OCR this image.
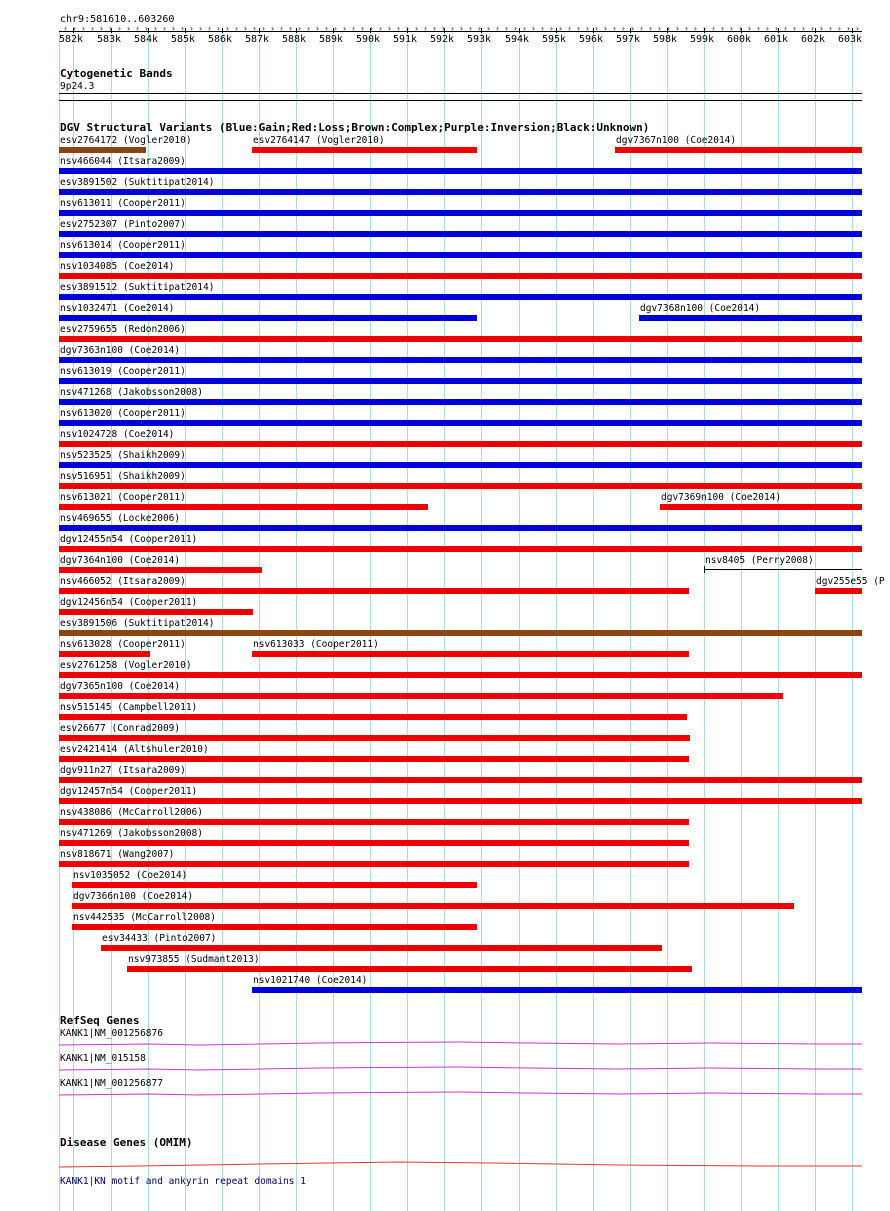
chr9:581610..603260
582k 583k 584k 585k 586k 587k 588k 589k 590k 591k 592k 593k 594k 595k 596k 597k 598k 599k 600k 601k 602k 603k
› › › › › › › › › › › › › › › › › › › › › › › › › › › › › › › › › › › › › › › › › › › › › › › › › › › › › › › › › › › › › › › › › › › › › › › › › › › › › › › › › › › › › › › › ›
Cytogenetic Bands
9p24.3
DGV Structural Variants (Blue:Gain;Red:Loss;Brown:Complex;Purple:Inversion;Black:Unknown)
esv2764172 (Vogler2010)	esv2764147 (Vogler2010)	dgv7367n100 (Coe2014)
nsv466044 (Itsara2009)
esv3891502 (Suktitipat2014)
nsv613011 (Cooper2011)
esv2752307 (Pinto2007)
nsv613014 (Cooper2011)
nsv1034085 (Coe2014)
esv3891512 (Suktitipat2014)
nsv1032471 (Coe2014)	dgv7368n100 (Coe2014)
esv2759655 (Redon2006)
dgv7363n100 (Coe2014)
nsv613019 (Cooper2011)
nsv471268 (Jakobsson2008)
nsv613020 (Cooper2011)
nsv1024728 (Coe2014)
nsv523525 (Shaikh2009)
nsv516951 (Shaikh2009)
nsv613021 (Cooper2011)	dgv7369n100 (Coe2014)
nsv469655 (Locke2006)
dgv12455n54 (Cooper2011)
dgv7364n100 (Coe2014)	nsv8405 (Perry2008)
nsv466052 (Itsara2009)	dgv255e55 (P
dgv12456n54 (Cooper2011)
esv3891506 (Suktitipat2014)
nsv613028 (Cooper2011)	nsv613033 (Cooper2011)
esv2761258 (Vogler2010)
dgv7365n100 (Coe2014)
nsv515145 (Campbell2011)
esv26677 (Conrad2009)
esv2421414 (Altshuler2010)
dgv911n27 (Itsara2009)
dgv12457n54 (Cooper2011)
nsv438086 (McCarroll2006)
nsv471269 (Jakobsson2008)
nsv818671 (Wang2007)
nsv1035052 (Coe2014)
dgv7366n100 (Coe2014)
nsv442535 (McCarroll2008)
esv34433 (Pinto2007)
nsv973855 (Sudmant2013)
nsv1021740 (Coe2014)
RefSeq Genes
KANK1|NM_001256876
KANK1|NM_015158
KANK1|NM_001256877
Disease Genes (OMIM)
KANK1|KN motif and ankyrin repeat domains 1
